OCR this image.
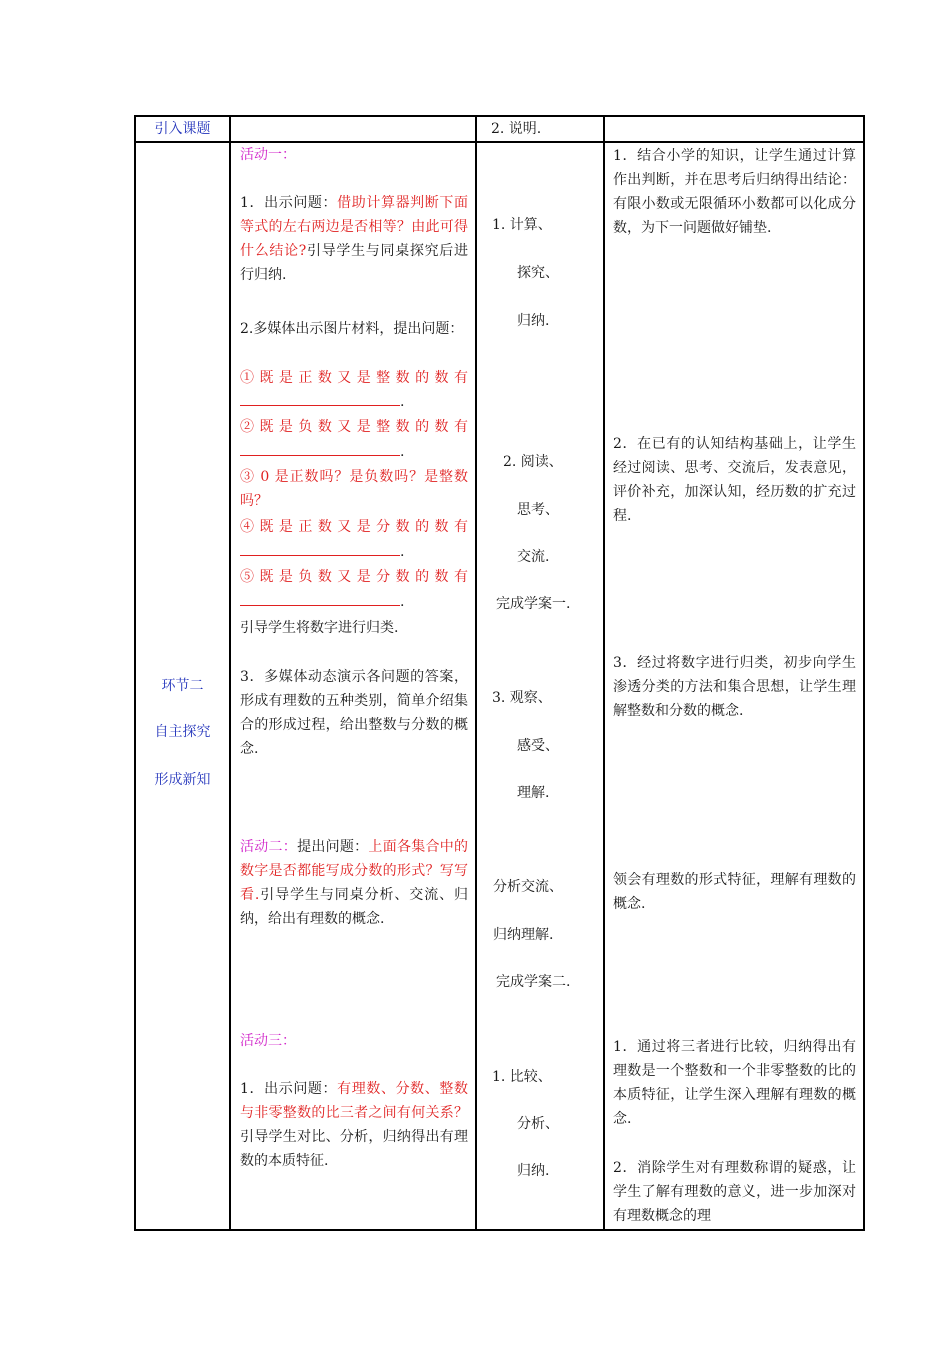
引入课题	2. 说明.
环节二
自主探究
形成新知
活动一：
1．出示问题：借助计算器判断下面等式的左右两边是否相等？由此可得什么结论?引导学生与同桌探究后进行归纳.
2.多媒体出示图片材料，提出问题：
①既是正数又是整数的数有
.
②既是负数又是整数的数有
.
③ 0 是正数吗？是负数吗？是整数吗？
④既是正数又是分数的数有
.
⑤既是负数又是分数的数有
.
引导学生将数字进行归类.
3．多媒体动态演示各问题的答案，形成有理数的五种类别，简单介绍集合的形成过程，给出整数与分数的概念.
活动二：提出问题：上面各集合中的数字是否都能写成分数的形式？写写看.引导学生与同桌分析、交流、归纳，给出有理数的概念.
活动三：
1．出示问题：有理数、分数、整数与非零整数的比三者之间有何关系？引导学生对比、分析，归纳得出有理数的本质特征.
1. 计算、
探究、
归纳.
2. 阅读、
思考、
交流.
完成学案一.
3. 观察、
感受、
理解.
分析交流、
归纳理解.
完成学案二.
1. 比较、
分析、
归纳.
1．结合小学的知识，让学生通过计算作出判断，并在思考后归纳得出结论：有限小数或无限循环小数都可以化成分数，为下一问题做好铺垫.
2．在已有的认知结构基础上，让学生经过阅读、思考、交流后，发表意见，评价补充，加深认知，经历数的扩充过程.
3．经过将数字进行归类，初步向学生渗透分类的方法和集合思想，让学生理解整数和分数的概念.
领会有理数的形式特征，理解有理数的概念.
1．通过将三者进行比较，归纳得出有理数是一个整数和一个非零整数的比的本质特征，让学生深入理解有理数的概念.
2．消除学生对有理数称谓的疑惑，让学生了解有理数的意义，进一步加深对有理数概念的理
